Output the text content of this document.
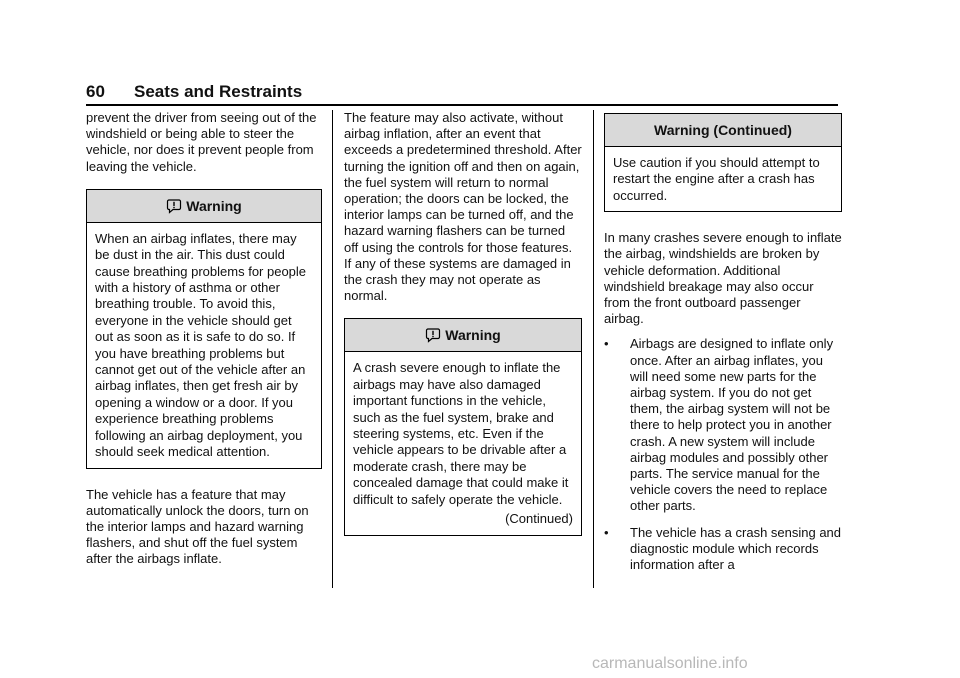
60 Seats and Restraints

prevent the driver from seeing out of the windshield or being able to steer the vehicle, nor does it prevent people from leaving the vehicle.

Warning
When an airbag inflates, there may be dust in the air. This dust could cause breathing problems for people with a history of asthma or other breathing trouble. To avoid this, everyone in the vehicle should get out as soon as it is safe to do so. If you have breathing problems but cannot get out of the vehicle after an airbag inflates, then get fresh air by opening a window or a door. If you experience breathing problems following an airbag deployment, you should seek medical attention.

The vehicle has a feature that may automatically unlock the doors, turn on the interior lamps and hazard warning flashers, and shut off the fuel system after the airbags inflate.

The feature may also activate, without airbag inflation, after an event that exceeds a predetermined threshold. After turning the ignition off and then on again, the fuel system will return to normal operation; the doors can be locked, the interior lamps can be turned off, and the hazard warning flashers can be turned off using the controls for those features. If any of these systems are damaged in the crash they may not operate as normal.

Warning
A crash severe enough to inflate the airbags may have also damaged important functions in the vehicle, such as the fuel system, brake and steering systems, etc. Even if the vehicle appears to be drivable after a moderate crash, there may be concealed damage that could make it difficult to safely operate the vehicle.
(Continued)
Warning (Continued)
Use caution if you should attempt to restart the engine after a crash has occurred.

In many crashes severe enough to inflate the airbag, windshields are broken by vehicle deformation. Additional windshield breakage may also occur from the front outboard passenger airbag.

• Airbags are designed to inflate only once. After an airbag inflates, you will need some new parts for the airbag system. If you do not get them, the airbag system will not be there to help protect you in another crash. A new system will include airbag modules and possibly other parts. The service manual for the vehicle covers the need to replace other parts.
• The vehicle has a crash sensing and diagnostic module which records information after a
carmanualsonline.info
